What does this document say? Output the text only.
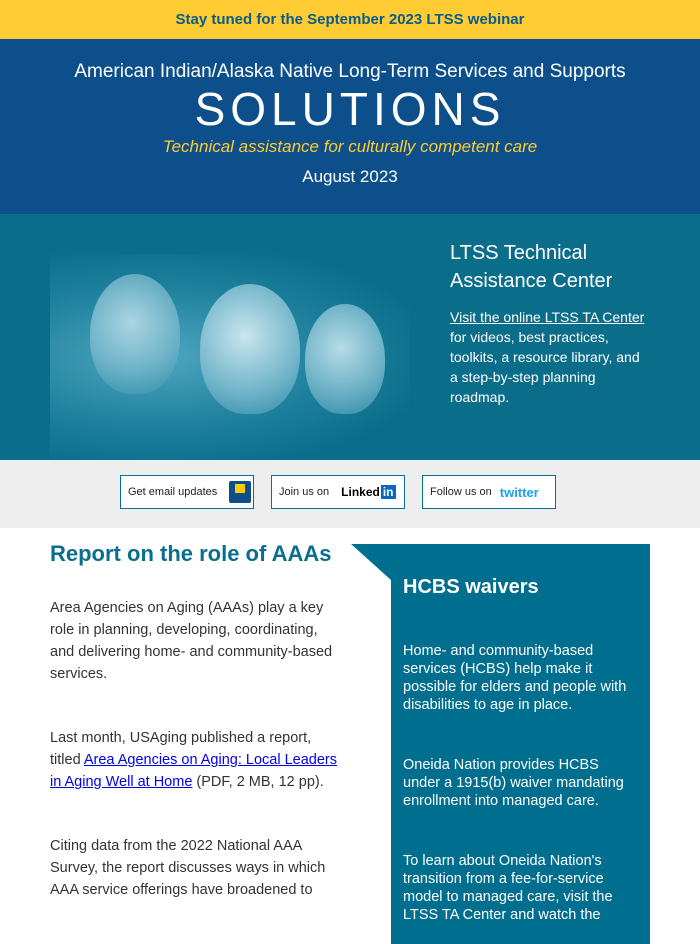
Stay tuned for the September 2023 LTSS webinar
American Indian/Alaska Native Long-Term Services and Supports
SOLUTIONS
Technical assistance for culturally competent care
August 2023
LTSS Technical Assistance Center

Visit the online LTSS TA Center for videos, best practices, toolkits, a resource library, and a step-by-step planning roadmap.

Get email updates	Join us on Linked in	Follow us on twitter
Report on the role of AAAs

Area Agencies on Aging (AAAs) play a key role in planning, developing, coordinating, and delivering home- and community-based services.

Last month, USAging published a report, titled Area Agencies on Aging: Local Leaders in Aging Well at Home (PDF, 2 MB, 12 pp).

Citing data from the 2022 National AAA Survey, the report discusses ways in which AAA service offerings have broadened to

HCBS waivers

Home- and community-based services (HCBS) help make it possible for elders and people with disabilities to age in place.

Oneida Nation provides HCBS under a 1915(b) waiver mandating enrollment into managed care.

To learn about Oneida Nation's transition from a fee-for-service model to managed care, visit the LTSS TA Center and watch the
